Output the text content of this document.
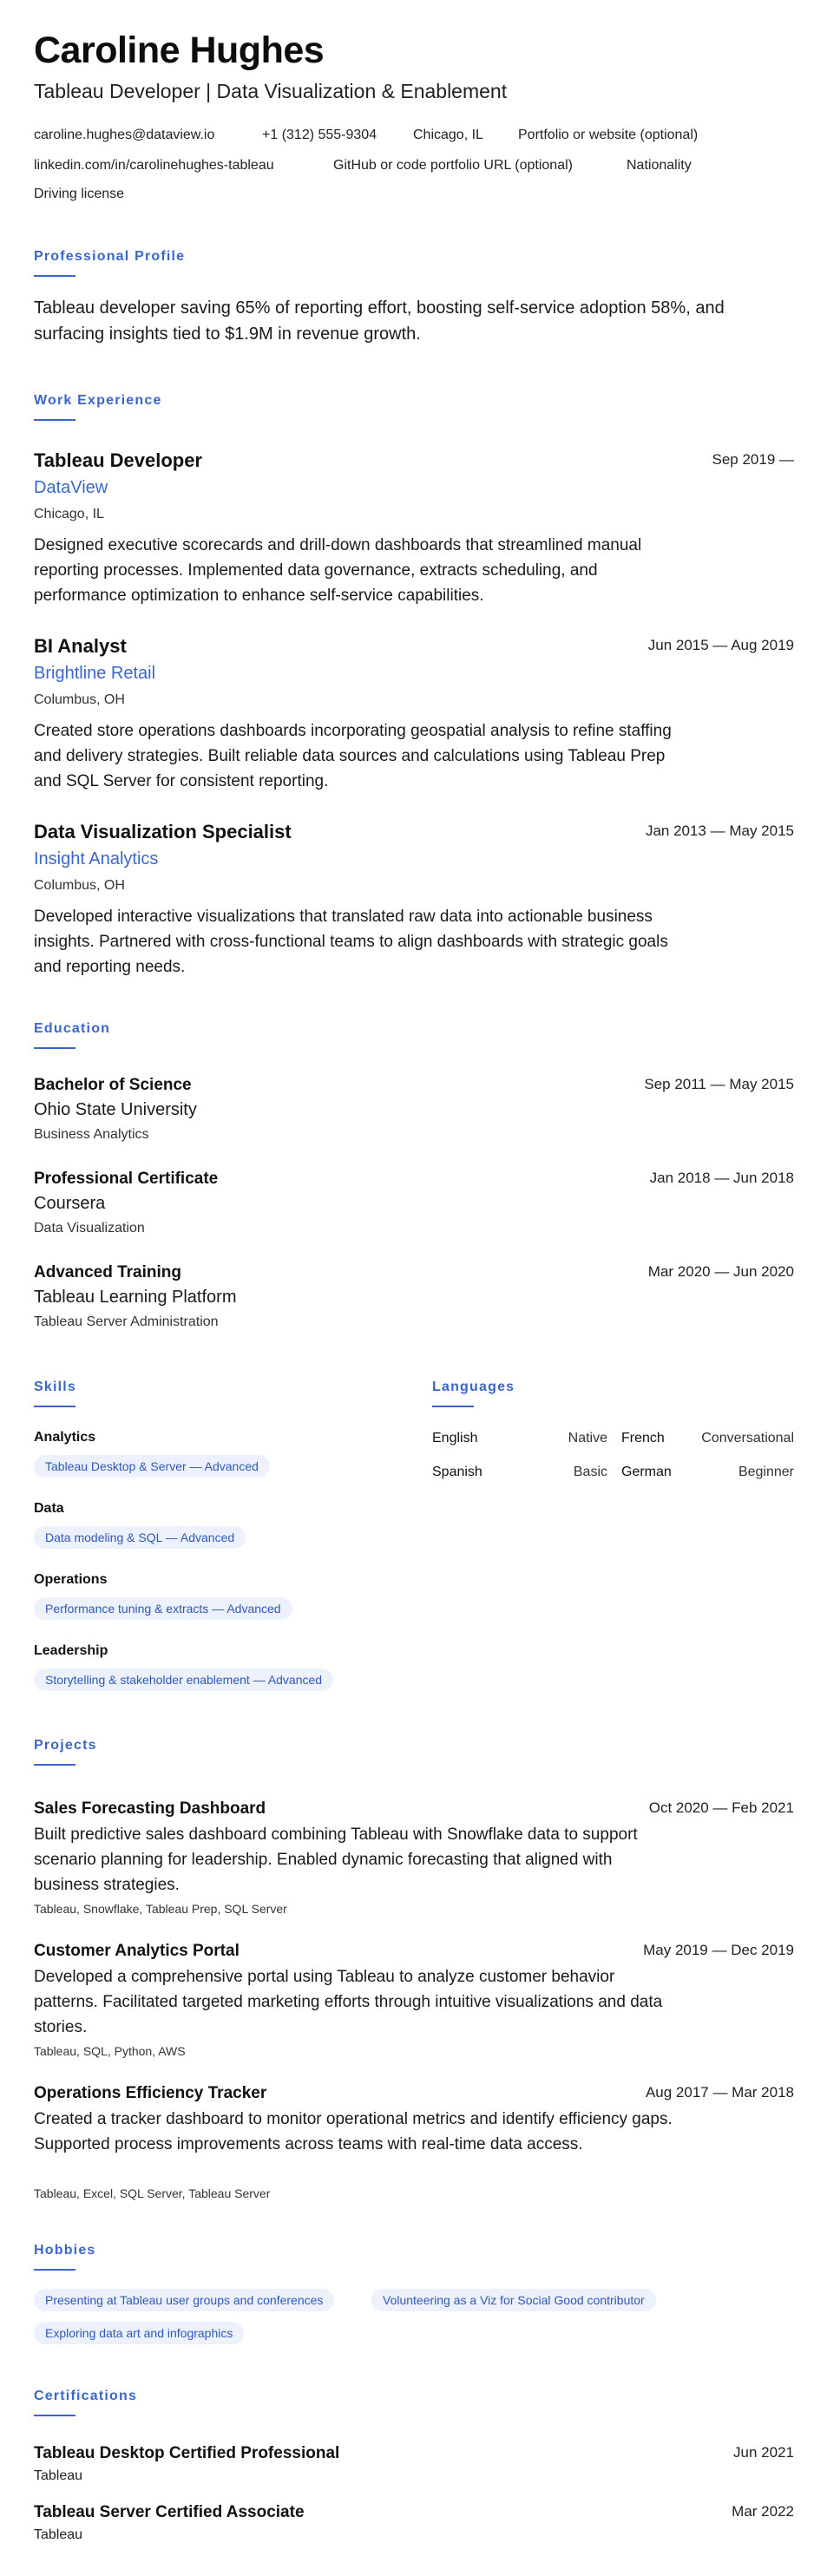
Caroline Hughes
Tableau Developer | Data Visualization & Enablement
caroline.hughes@dataview.io	+1 (312) 555-9304	Chicago, IL	Portfolio or website (optional)
linkedin.com/in/carolinehughes-tableau	GitHub or code portfolio URL (optional)	Nationality
Driving license
Professional Profile
Tableau developer saving 65% of reporting effort, boosting self-service adoption 58%, and surfacing insights tied to $1.9M in revenue growth.
Work Experience
Tableau Developer	Sep 2019 —
DataView
Chicago, IL
Designed executive scorecards and drill-down dashboards that streamlined manual reporting processes. Implemented data governance, extracts scheduling, and performance optimization to enhance self-service capabilities.
BI Analyst	Jun 2015 — Aug 2019
Brightline Retail
Columbus, OH
Created store operations dashboards incorporating geospatial analysis to refine staffing and delivery strategies. Built reliable data sources and calculations using Tableau Prep and SQL Server for consistent reporting.
Data Visualization Specialist	Jan 2013 — May 2015
Insight Analytics
Columbus, OH
Developed interactive visualizations that translated raw data into actionable business insights. Partnered with cross-functional teams to align dashboards with strategic goals and reporting needs.
Education
Bachelor of Science	Sep 2011 — May 2015
Ohio State University
Business Analytics
Professional Certificate	Jan 2018 — Jun 2018
Coursera
Data Visualization
Advanced Training	Mar 2020 — Jun 2020
Tableau Learning Platform
Tableau Server Administration
Skills
Analytics
Tableau Desktop & Server — Advanced
Data
Data modeling & SQL — Advanced
Operations
Performance tuning & extracts — Advanced
Leadership
Storytelling & stakeholder enablement — Advanced
Languages
English	Native French	Conversational
Spanish	Basic German	Beginner
Projects
Sales Forecasting Dashboard	Oct 2020 — Feb 2021
Built predictive sales dashboard combining Tableau with Snowflake data to support scenario planning for leadership. Enabled dynamic forecasting that aligned with business strategies.
Tableau, Snowflake, Tableau Prep, SQL Server
Customer Analytics Portal	May 2019 — Dec 2019
Developed a comprehensive portal using Tableau to analyze customer behavior patterns. Facilitated targeted marketing efforts through intuitive visualizations and data stories.
Tableau, SQL, Python, AWS
Operations Efficiency Tracker	Aug 2017 — Mar 2018
Created a tracker dashboard to monitor operational metrics and identify efficiency gaps. Supported process improvements across teams with real-time data access.
Tableau, Excel, SQL Server, Tableau Server
Hobbies
Presenting at Tableau user groups and conferences	Volunteering as a Viz for Social Good contributor
Exploring data art and infographics
Certifications
Tableau Desktop Certified Professional	Jun 2021
Tableau
Tableau Server Certified Associate	Mar 2022
Tableau
